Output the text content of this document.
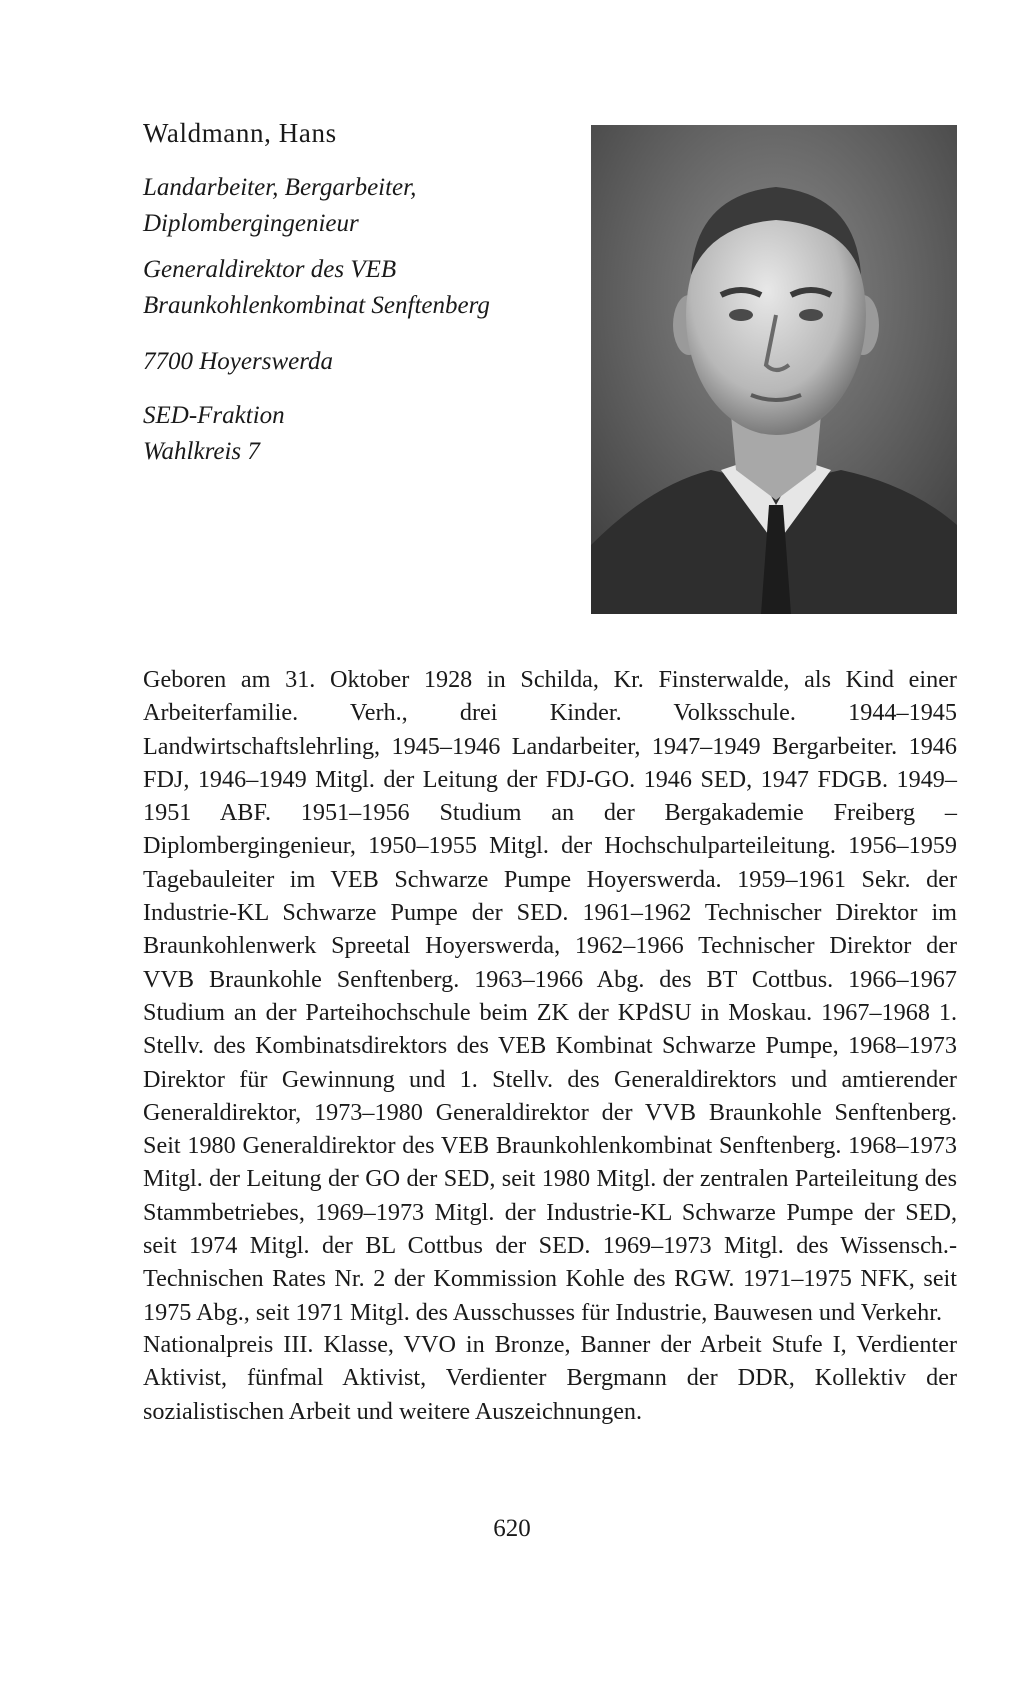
Waldmann, Hans

Landarbeiter, Bergarbeiter,
Diplombergingenieur

Generaldirektor des VEB
Braunkohlenkombinat Senftenberg

7700 Hoyerswerda

SED-Fraktion
Wahlkreis 7

Geboren am 31. Oktober 1928 in Schilda, Kr. Finsterwalde, als Kind einer Arbeiterfamilie. Verh., drei Kinder. Volksschule. 1944–1945 Landwirtschaftslehrling, 1945–1946 Landarbeiter, 1947–1949 Bergarbeiter. 1946 FDJ, 1946–1949 Mitgl. der Leitung der FDJ-GO. 1946 SED, 1947 FDGB. 1949–1951 ABF. 1951–1956 Studium an der Bergakademie Freiberg – Diplombergingenieur, 1950–1955 Mitgl. der Hochschulparteileitung. 1956–1959 Tagebauleiter im VEB Schwarze Pumpe Hoyerswerda. 1959–1961 Sekr. der Industrie-KL Schwarze Pumpe der SED. 1961–1962 Technischer Direktor im Braunkohlenwerk Spreetal Hoyerswerda, 1962–1966 Technischer Direktor der VVB Braunkohle Senftenberg. 1963–1966 Abg. des BT Cottbus. 1966–1967 Studium an der Parteihochschule beim ZK der KPdSU in Moskau. 1967–1968 1. Stellv. des Kombinatsdirektors des VEB Kombinat Schwarze Pumpe, 1968–1973 Direktor für Gewinnung und 1. Stellv. des Generaldirektors und amtierender Generaldirektor, 1973–1980 Generaldirektor der VVB Braunkohle Senftenberg. Seit 1980 Generaldirektor des VEB Braunkohlenkombinat Senftenberg. 1968–1973 Mitgl. der Leitung der GO der SED, seit 1980 Mitgl. der zentralen Parteileitung des Stammbetriebes, 1969–1973 Mitgl. der Industrie-KL Schwarze Pumpe der SED, seit 1974 Mitgl. der BL Cottbus der SED. 1969–1973 Mitgl. des Wissensch.-Technischen Rates Nr. 2 der Kommission Kohle des RGW. 1971–1975 NFK, seit 1975 Abg., seit 1971 Mitgl. des Ausschusses für Industrie, Bauwesen und Verkehr.

Nationalpreis III. Klasse, VVO in Bronze, Banner der Arbeit Stufe I, Verdienter Aktivist, fünfmal Aktivist, Verdienter Bergmann der DDR, Kollektiv der sozialistischen Arbeit und weitere Auszeichnungen.

620
